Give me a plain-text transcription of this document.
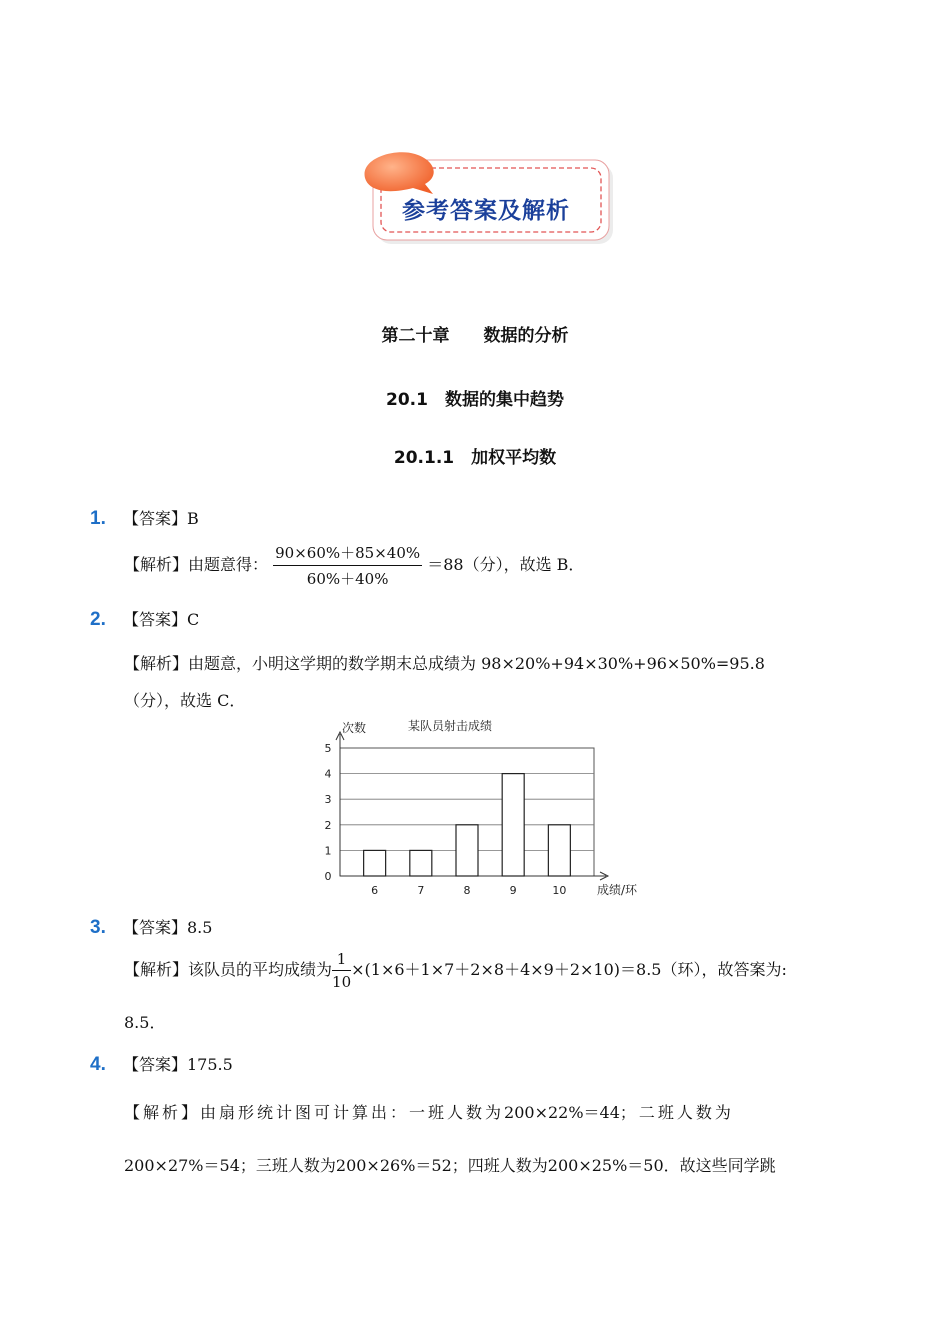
参考答案及解析
第二十章　　数据的分析
20.1　数据的集中趋势
20.1.1　加权平均数
1. 【答案】B
【解析】由题意得： $\frac{90\times 60\%+85\times 40\%}{60\%+40\%} =88$（分），故选 B．
2. 【答案】C
【解析】由题意，小明这学期的数学期末总成绩为 98×20%+94×30%+96×50%=95.8
（分），故选 C．
0
1
2
3
4
5
6	7	8	9	10
次数	某队员射击成绩
成绩/环
3. 【答案】8.5
【解析】该队员的平均成绩为 $\frac{1}{10} \times(1\times 6+1\times 7+2\times 8+4\times 9+2\times 10)=8.5$（环），故答案为:
8.5．
4. 【答案】175.5
【解析】由扇形统计图可计算出：一班人数为200×22%＝44；二班人数为
200×27%＝54；三班人数为200×26%＝52；四班人数为200×25%＝50．故这些同学跳
